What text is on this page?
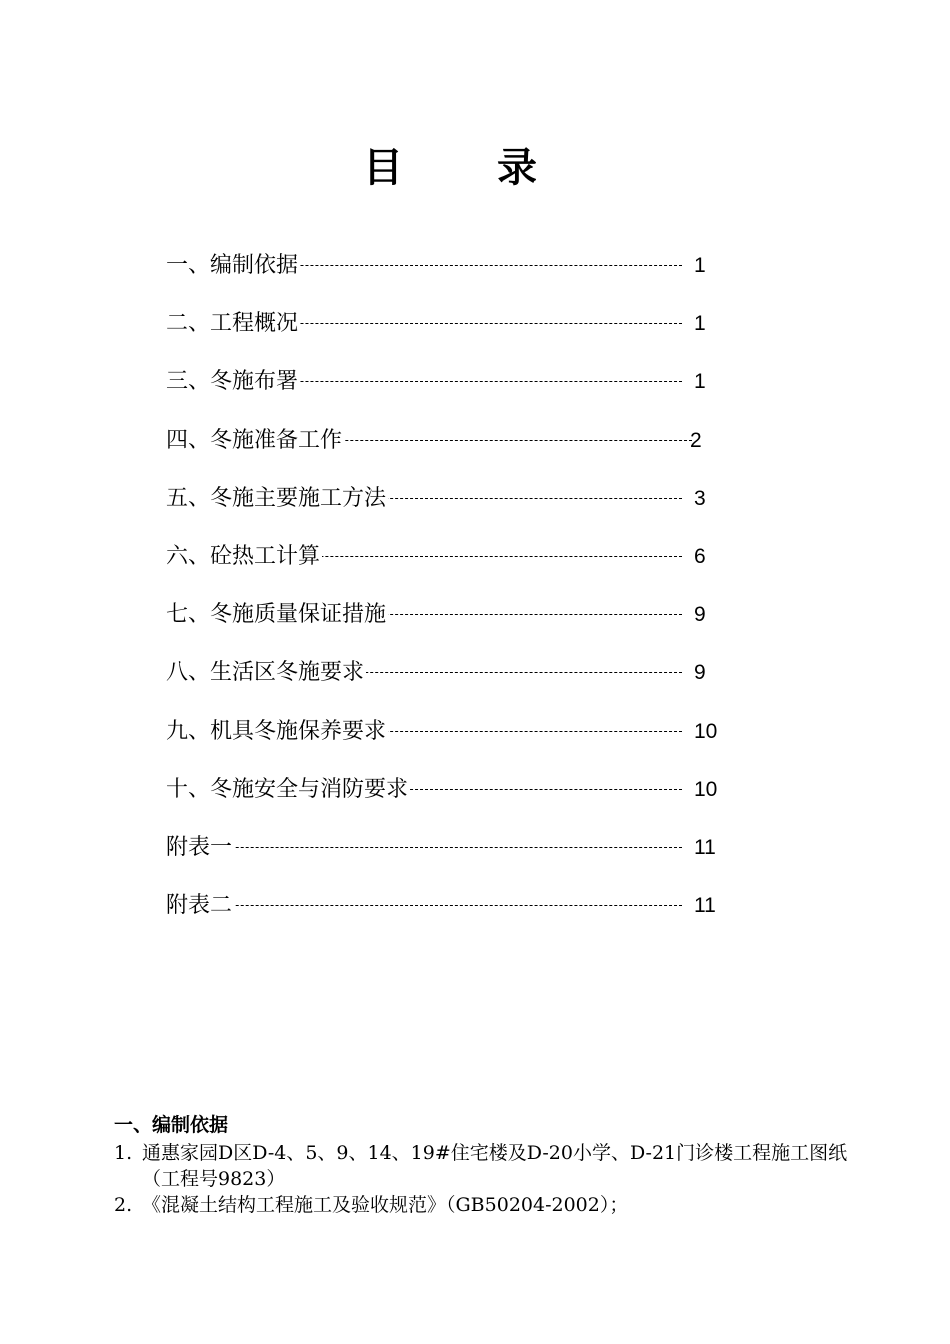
目 录
一、编制依据	1
二、工程概况	1
三、冬施布署	1
四、冬施准备工作	2
五、冬施主要施工方法	3
六、砼热工计算	6
七、冬施质量保证措施	9
八、生活区冬施要求	9
九、机具冬施保养要求	10
十、冬施安全与消防要求	10
附表一	11
附表二	11

一、编制依据

1. 通惠家园D区D-4、5、9、14、19#住宅楼及D-20小学、D-21门诊楼工程施工图纸（工程号9823）

2. 《混凝土结构工程施工及验收规范》（GB50204-2002）；
